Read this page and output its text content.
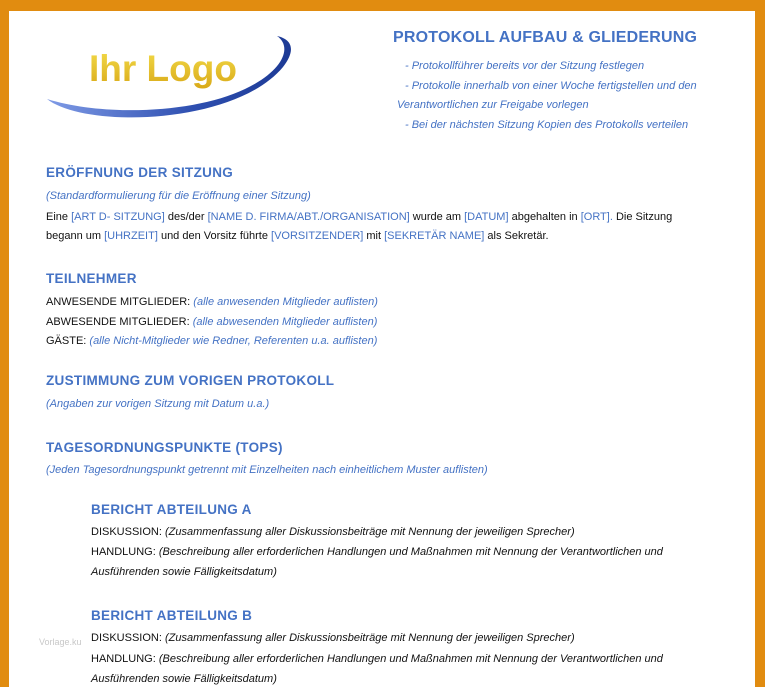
Ihr Logo
PROTOKOLL AUFBAU & GLIEDERUNG
- Protokollführer bereits vor der Sitzung festlegen
- Protokolle innerhalb von einer Woche fertigstellen und den
Verantwortlichen zur Freigabe vorlegen
- Bei der nächsten Sitzung Kopien des Protokolls verteilen
ERÖFFNUNG DER SITZUNG
(Standardformulierung für die Eröffnung einer Sitzung)
Eine [ART D- SITZUNG] des/der [NAME D. FIRMA/ABT./ORGANISATION] wurde am [DATUM] abgehalten in [ORT]. Die Sitzung
begann um [UHRZEIT] und den Vorsitz führte [VORSITZENDER] mit [SEKRETÄR NAME] als Sekretär.
TEILNEHMER
ANWESENDE MITGLIEDER: (alle anwesenden Mitglieder auflisten)
ABWESENDE MITGLIEDER: (alle abwesenden Mitglieder auflisten)
GÄSTE: (alle Nicht-Mitglieder wie Redner, Referenten u.a. auflisten)
ZUSTIMMUNG ZUM VORIGEN PROTOKOLL
(Angaben zur vorigen Sitzung mit Datum u.a.)
TAGESORDNUNGSPUNKTE (TOPS)
(Jeden Tagesordnungspunkt getrennt mit Einzelheiten nach einheitlichem Muster auflisten)
BERICHT ABTEILUNG A
DISKUSSION: (Zusammenfassung aller Diskussionsbeiträge mit Nennung der jeweiligen Sprecher)
HANDLUNG: (Beschreibung aller erforderlichen Handlungen und Maßnahmen mit Nennung der Verantwortlichen und
Ausführenden sowie Fälligkeitsdatum)
BERICHT ABTEILUNG B
DISKUSSION: (Zusammenfassung aller Diskussionsbeiträge mit Nennung der jeweiligen Sprecher)
HANDLUNG: (Beschreibung aller erforderlichen Handlungen und Maßnahmen mit Nennung der Verantwortlichen und
Ausführenden sowie Fälligkeitsdatum)
Vorlage.ku
